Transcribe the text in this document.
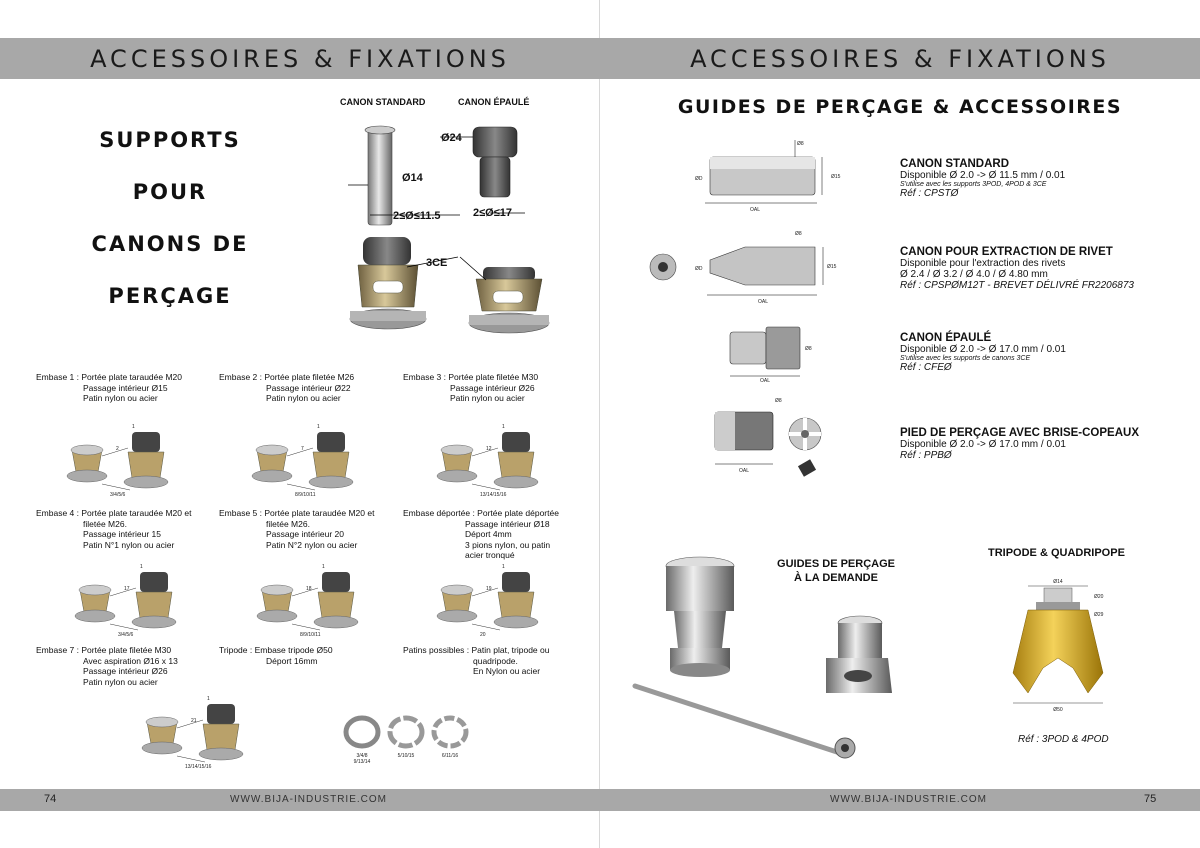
ACCESSOIRES & FIXATIONS
SUPPORTS
POUR
CANONS DE
PERÇAGE
CANON STANDARD	CANON ÉPAULÉ
Ø14
2≤Ø≤11.5
Ø24
2≤Ø≤17
3CE
Embase 1 : Portée plate taraudée M20
Passage intérieur Ø15
Patin nylon ou acier
Embase 2 : Portée plate filetée M26
Passage intérieur Ø22
Patin nylon ou acier
Embase 3 : Portée plate filetée M30
Passage intérieur Ø26
Patin nylon ou acier
Embase 4 : Portée plate taraudée M20 et
filetée M26.
Passage intérieur 15
Patin N°1 nylon ou acier
Embase 5 : Portée plate taraudée M20 et
filetée M26.
Passage intérieur 20
Patin N°2 nylon ou acier
Embase déportée : Portée plate déportée
Passage intérieur Ø18
Déport 4mm
3 pions nylon, ou patin
acier tronqué
Embase 7 : Portée plate filetée M30
Avec aspiration Ø16 x 13
Passage intérieur Ø26
Patin nylon ou acier
Tripode : Embase tripode Ø50
Déport 16mm
Patins possibles : Patin plat, tripode ou
quadripode.
En Nylon ou acier
1
2
3/4/5/6
1
7
8/9/10/11
1
12
13/14/15/16
1
17
3/4/5/6
1
18
8/9/10/11
1
19
20
1
21
13/14/15/16
3/4/8 9/13/14
5/10/15	6/11/16
74	WWW.BIJA-INDUSTRIE.COM
ACCESSOIRES & FIXATIONS
GUIDES DE PERÇAGE & ACCESSOIRES
OAL
Ø15
Ø8
ØD
OAL
Ø15
Ø8
ØD
OAL
Ø8
OAL
Ø8
CANON STANDARD
Disponible Ø 2.0 -> Ø 11.5 mm / 0.01
S'utilise avec les supports 3POD, 4POD & 3CE
Réf : CPSTØ
CANON POUR EXTRACTION DE RIVET
Disponible pour l'extraction des rivets
Ø 2.4 / Ø 3.2 / Ø 4.0 / Ø 4.80 mm
Réf : CPSPØM12T - BREVET DÉLIVRÉ FR2206873
CANON ÉPAULÉ
Disponible Ø 2.0 -> Ø 17.0 mm / 0.01
S'utilise avec les supports de canons 3CE
Réf : CFEØ
PIED DE PERÇAGE AVEC BRISE-COPEAUX
Disponible Ø 2.0 -> Ø 17.0 mm / 0.01
Réf : PPBØ
GUIDES DE PERÇAGE
À LA DEMANDE
TRIPODE & QUADRIPOPE
Ø14
Ø20
Ø29
Ø50
Réf : 3POD & 4POD
WWW.BIJA-INDUSTRIE.COM	75
